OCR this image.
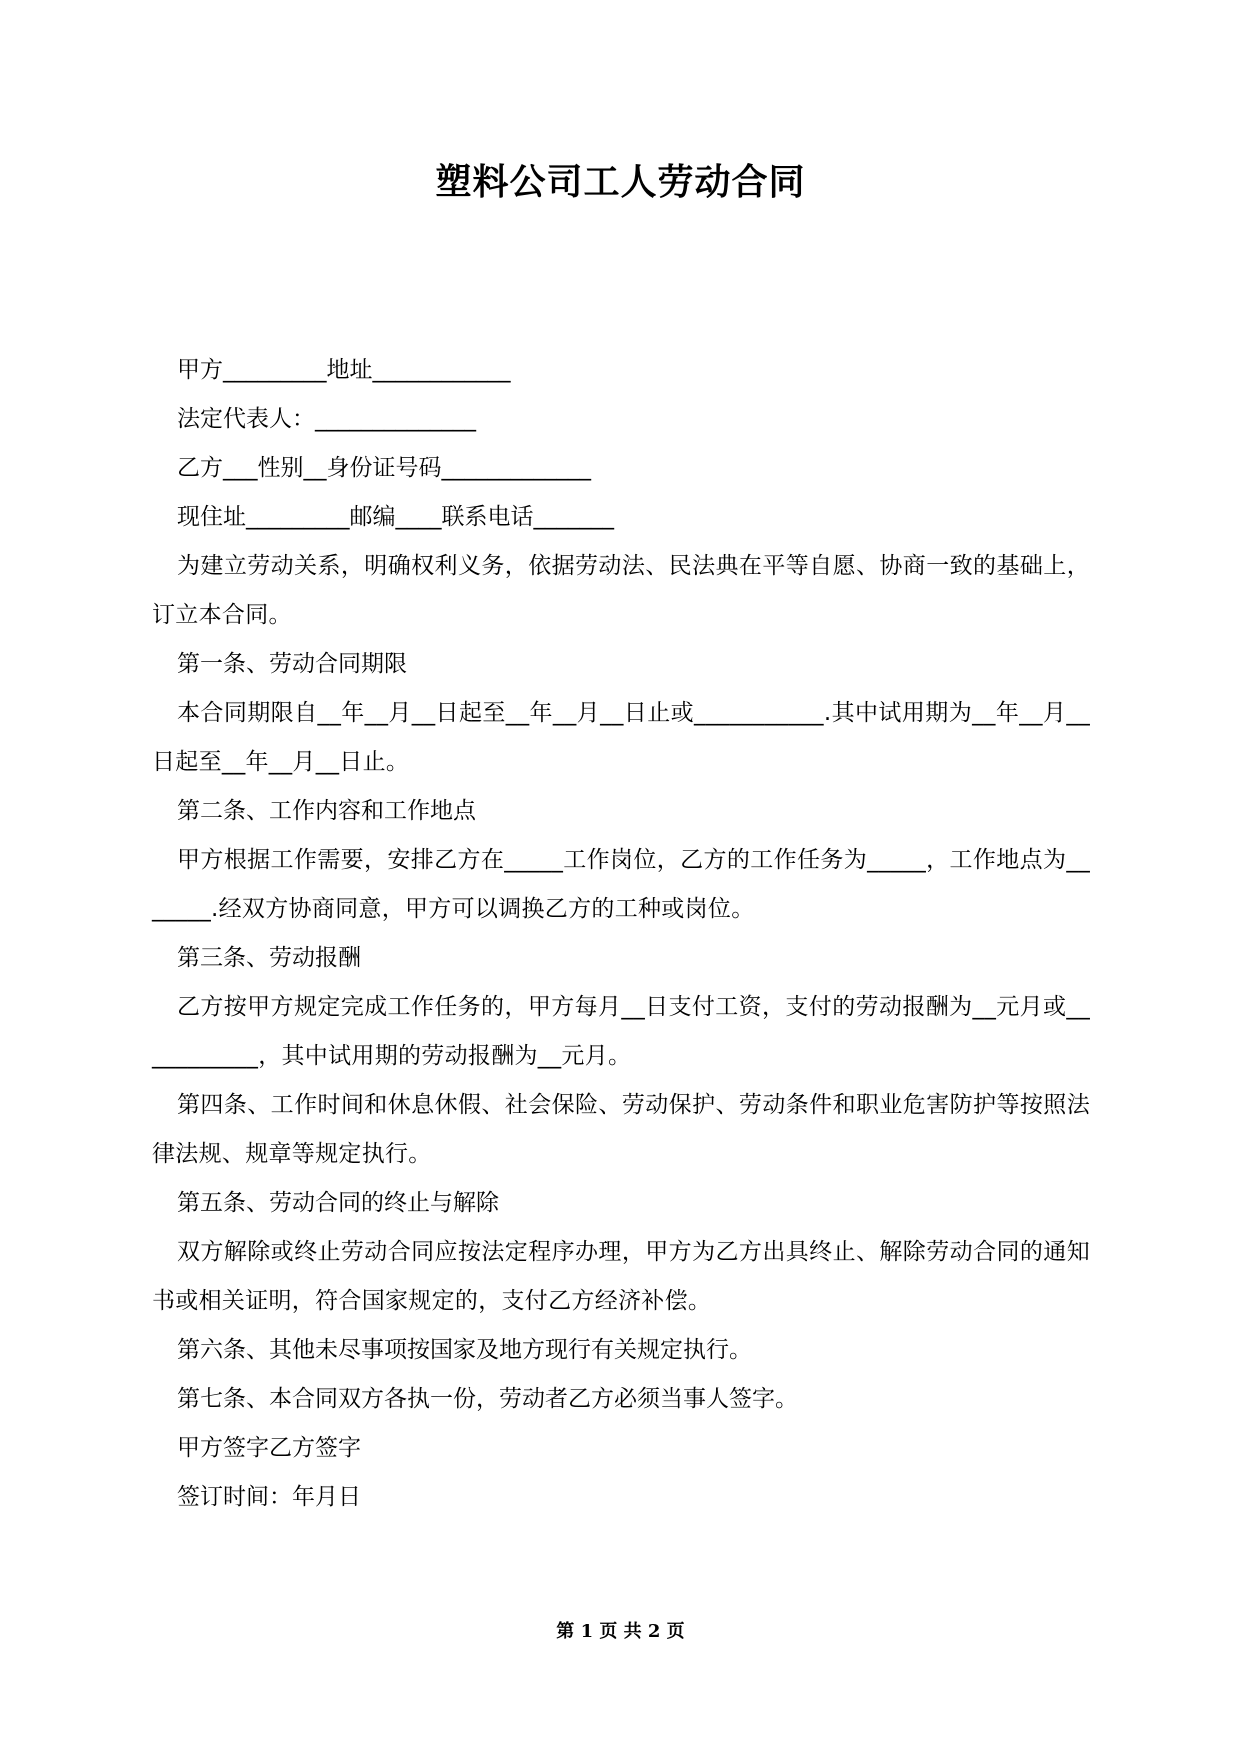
塑料公司工人劳动合同

甲方_________地址____________

法定代表人：______________

乙方___性别__身份证号码_____________

现住址_________邮编____联系电话_______

为建立劳动关系，明确权利义务，依据劳动法、民法典在平等自愿、协商一致的基础上，订立本合同。

第一条、劳动合同期限

本合同期限自__年__月__日起至__年__月__日止或___________.其中试用期为__年__月__日起至__年__月__日止。

第二条、工作内容和工作地点

甲方根据工作需要，安排乙方在_____工作岗位，乙方的工作任务为_____，工作地点为_______.经双方协商同意，甲方可以调换乙方的工种或岗位。

第三条、劳动报酬

乙方按甲方规定完成工作任务的，甲方每月__日支付工资，支付的劳动报酬为__元月或___________，其中试用期的劳动报酬为__元月。

第四条、工作时间和休息休假、社会保险、劳动保护、劳动条件和职业危害防护等按照法律法规、规章等规定执行。

第五条、劳动合同的终止与解除

双方解除或终止劳动合同应按法定程序办理，甲方为乙方出具终止、解除劳动合同的通知书或相关证明，符合国家规定的，支付乙方经济补偿。

第六条、其他未尽事项按国家及地方现行有关规定执行。

第七条、本合同双方各执一份，劳动者乙方必须当事人签字。

甲方签字乙方签字

签订时间：年月日

第 1 页 共 2 页
